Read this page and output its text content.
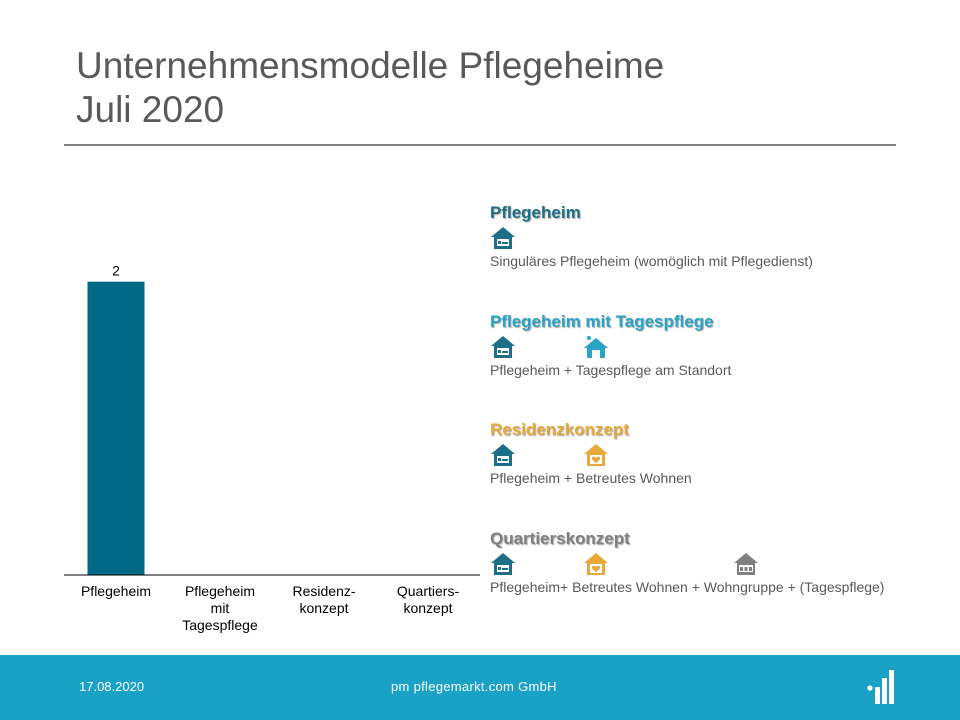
Unternehmensmodelle Pflegeheime
Juli 2020
2
Pflegeheim Pflegeheim mit Tagespflege
Residenz-konzept
Quartiers-konzept
Pflegeheim
Singuläres Pflegeheim (womöglich mit Pflegedienst)
Pflegeheim mit Tagespflege
Pflegeheim + Tagespflege am Standort
Residenzkonzept
Pflegeheim + Betreutes Wohnen
Quartierskonzept
Pflegeheim+ Betreutes Wohnen + Wohngruppe + (Tagespflege)
17.08.2020	pm pflegemarkt.com GmbH
